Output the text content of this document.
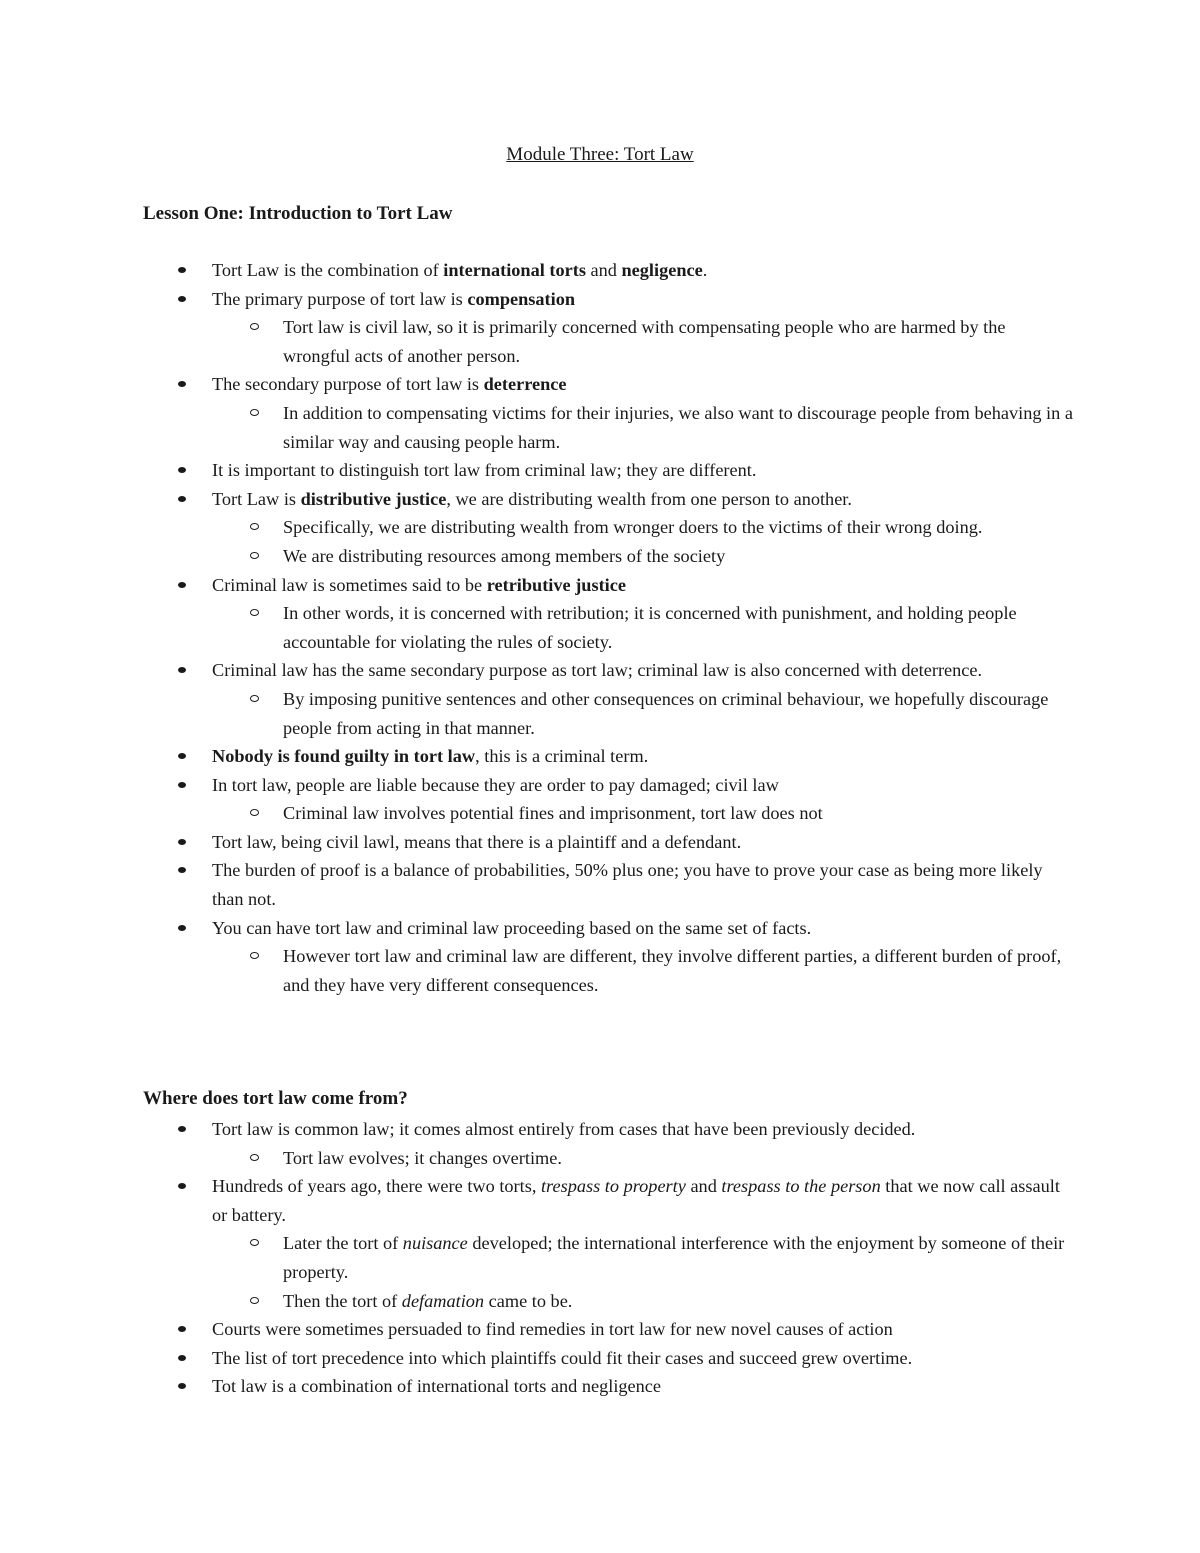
Module Three: Tort Law
Lesson One: Introduction to Tort Law
Tort Law is the combination of international torts and negligence.
The primary purpose of tort law is compensation
Tort law is civil law, so it is primarily concerned with compensating people who are harmed by the wrongful acts of another person.
The secondary purpose of tort law is deterrence
In addition to compensating victims for their injuries, we also want to discourage people from behaving in a similar way and causing people harm.
It is important to distinguish tort law from criminal law; they are different.
Tort Law is distributive justice, we are distributing wealth from one person to another.
Specifically, we are distributing wealth from wronger doers to the victims of their wrong doing.
We are distributing resources among members of the society
Criminal law is sometimes said to be retributive justice
In other words, it is concerned with retribution; it is concerned with punishment, and holding people accountable for violating the rules of society.
Criminal law has the same secondary purpose as tort law; criminal law is also concerned with deterrence.
By imposing punitive sentences and other consequences on criminal behaviour, we hopefully discourage people from acting in that manner.
Nobody is found guilty in tort law, this is a criminal term.
In tort law, people are liable because they are order to pay damaged; civil law
Criminal law involves potential fines and imprisonment, tort law does not
Tort law, being civil lawl, means that there is a plaintiff and a defendant.
The burden of proof is a balance of probabilities, 50% plus one; you have to prove your case as being more likely than not.
You can have tort law and criminal law proceeding based on the same set of facts.
However tort law and criminal law are different, they involve different parties, a different burden of proof, and they have very different consequences.
Where does tort law come from?
Tort law is common law; it comes almost entirely from cases that have been previously decided.
Tort law evolves; it changes overtime.
Hundreds of years ago, there were two torts, trespass to property and trespass to the person that we now call assault or battery.
Later the tort of nuisance developed; the international interference with the enjoyment by someone of their property.
Then the tort of defamation came to be.
Courts were sometimes persuaded to find remedies in tort law for new novel causes of action
The list of tort precedence into which plaintiffs could fit their cases and succeed grew overtime.
Tot law is a combination of international torts and negligence
